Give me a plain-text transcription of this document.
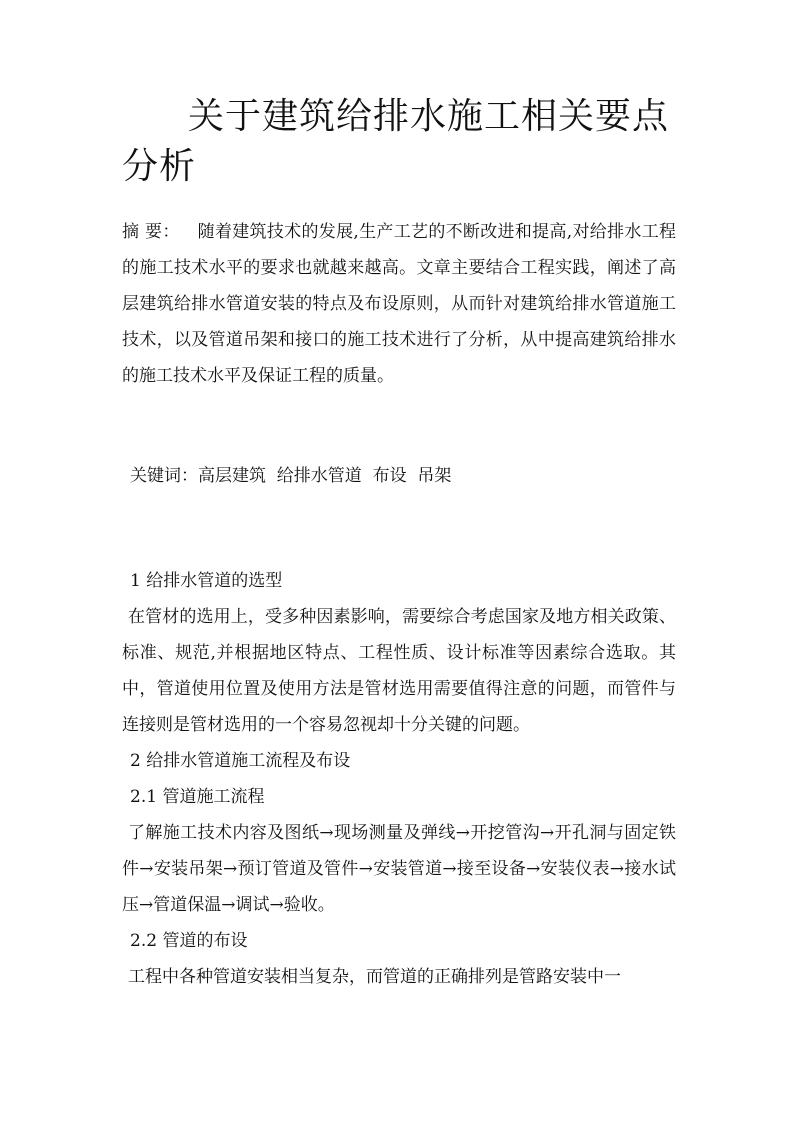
关于建筑给排水施工相关要点分析

摘 要： 随着建筑技术的发展,生产工艺的不断改进和提高,对给排水工程的施工技术水平的要求也就越来越高。文章主要结合工程实践，阐述了高层建筑给排水管道安装的特点及布设原则，从而针对建筑给排水管道施工技术，以及管道吊架和接口的施工技术进行了分析，从中提高建筑给排水的施工技术水平及保证工程的质量。

关键词：高层建筑  给排水管道  布设  吊架

1 给排水管道的选型

在管材的选用上，受多种因素影响，需要综合考虑国家及地方相关政策、标准、规范,并根据地区特点、工程性质、设计标准等因素综合选取。其中，管道使用位置及使用方法是管材选用需要值得注意的问题，而管件与连接则是管材选用的一个容易忽视却十分关键的问题。

2 给排水管道施工流程及布设

2.1 管道施工流程

了解施工技术内容及图纸→现场测量及弹线→开挖管沟→开孔洞与固定铁件→安装吊架→预订管道及管件→安装管道→接至设备→安装仪表→接水试压→管道保温→调试→验收。

2.2 管道的布设

工程中各种管道安装相当复杂，而管道的正确排列是管路安装中一
